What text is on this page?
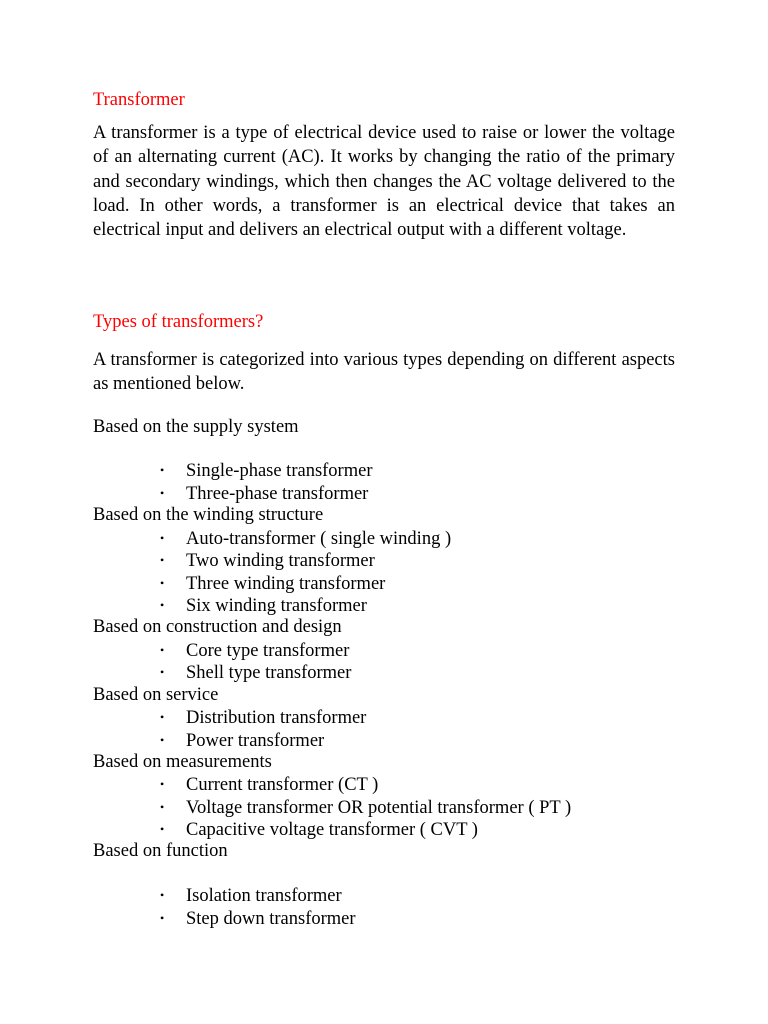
Transformer
A transformer is a type of electrical device used to raise or lower the voltage of an alternating current (AC). It works by changing the ratio of the primary and secondary windings, which then changes the AC voltage delivered to the load. In other words, a transformer is an electrical device that takes an electrical input and delivers an electrical output with a different voltage.
Types of transformers?
A transformer is categorized into various types depending on different aspects as mentioned below.
Based on the supply system
• Single-phase transformer
• Three-phase transformer
Based on the winding structure
• Auto-transformer ( single winding )
• Two winding transformer
• Three winding transformer
• Six winding transformer
Based on construction and design
• Core type transformer
• Shell type transformer
Based on service
• Distribution transformer
• Power transformer
Based on measurements
• Current transformer (CT )
• Voltage transformer OR potential transformer ( PT )
• Capacitive voltage transformer ( CVT )
Based on function
• Isolation transformer
• Step down transformer
